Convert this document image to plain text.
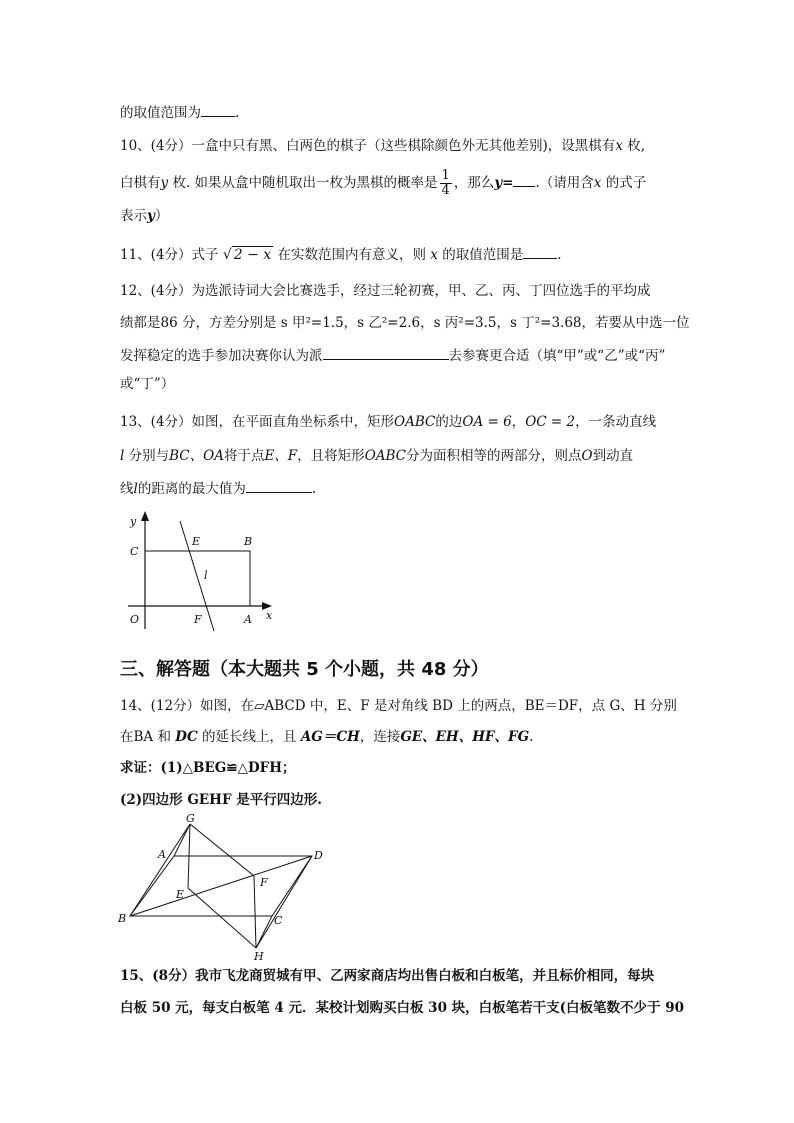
的取值范围为	.
10、(4分）一盒中只有黑、白两色的棋子（这些棋除颜色外无其他差别)，设黑棋有x 枚,
白棋有y 枚. 如果从盒中随机取出一枚为黑棋的概率是 $\frac{1}{4}$ ，那么y= .（请用含x 的式子
表示y）
11、(4分）式子 √ 2 − x 在实数范围内有意义，则 x 的取值范围是	.
12、(4分）为选派诗词大会比赛选手，经过三轮初赛，甲、乙、丙、丁四位选手的平均成
绩都是86 分，方差分别是 s 甲²=1.5，s 乙²=2.6，s 丙²=3.5，s 丁²=3.68，若要从中选一位
发挥稳定的选手参加决赛你认为派	去参赛更合适（填“甲”或“乙”或“丙”
或“丁”）
13、(4分）如图，在平面直角坐标系中，矩形OABC的边OA = 6，OC = 2，一条动直线
l 分别与BC、OA将于点E、F，且将矩形OABC分为面积相等的两部分，则点O到动直
线l的距离的最大值为	.
y
x
C
E	B
l
O	F	A
三、解答题（本大题共 5 个小题，共 48 分）
14、(12分）如图，在▱ABCD 中，E、F 是对角线 BD 上的两点，BE＝DF，点 G、H 分别
在BA 和 DC 的延长线上，且 AG＝CH，连接GE、EH、HF、FG.
求证：(1)△BEG≌△DFH；
(2)四边形 GEHF 是平行四边形.
G
A	D
E
F
B	C
H
15、(8分）我市飞龙商贸城有甲、乙两家商店均出售白板和白板笔，并且标价相同，每块
白板 50 元，每支白板笔 4 元．某校计划购买白板 30 块，白板笔若干支(白板笔数不少于 90
